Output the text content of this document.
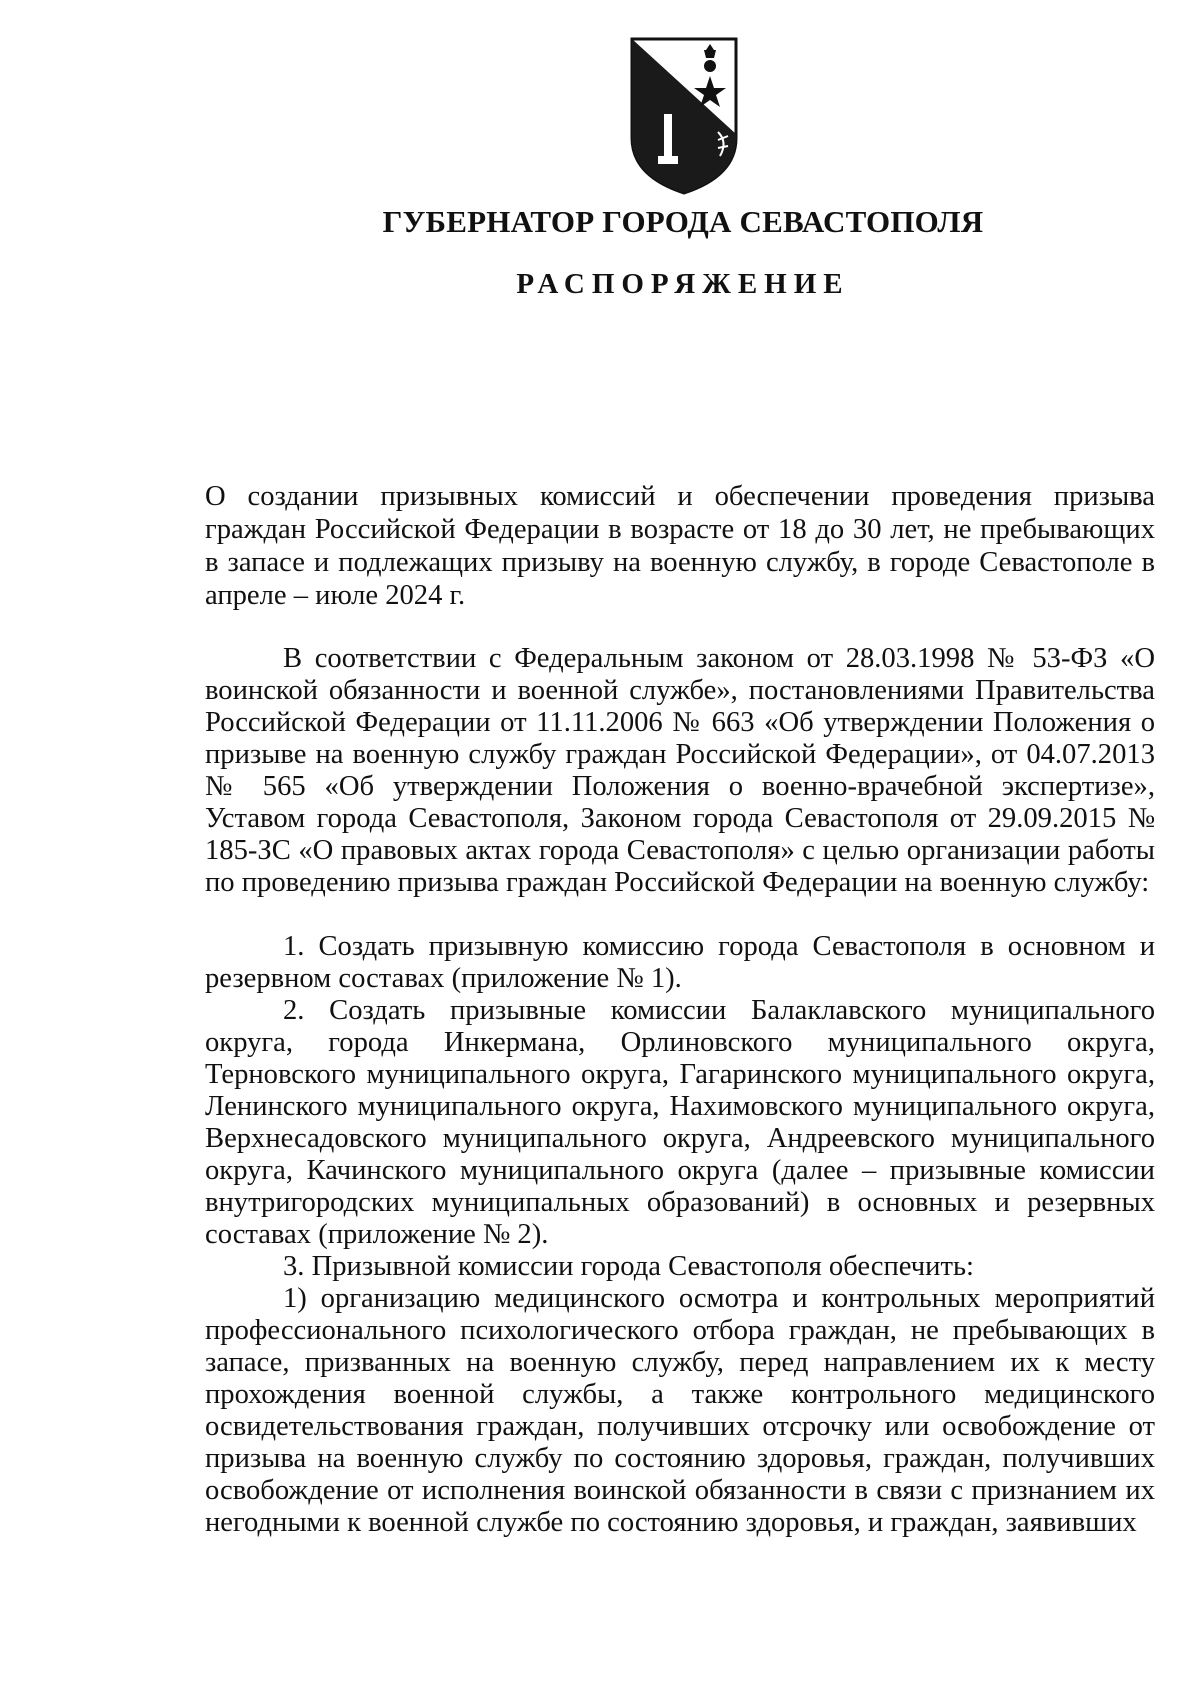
ГУБЕРНАТОР ГОРОДА СЕВАСТОПОЛЯ
РАСПОРЯЖЕНИЕ
О создании призывных комиссий и обеспечении проведения призыва граждан Российской Федерации в возрасте от 18 до 30 лет, не пребывающих в запасе и подлежащих призыву на военную службу, в городе Севастополе в апреле – июле 2024 г.

В соответствии с Федеральным законом от 28.03.1998 № 53-ФЗ «О воинской обязанности и военной службе», постановлениями Правительства Российской Федерации от 11.11.2006 № 663 «Об утверждении Положения о призыве на военную службу граждан Российской Федерации», от 04.07.2013 № 565 «Об утверждении Положения о военно-врачебной экспертизе», Уставом города Севастополя, Законом города Севастополя от 29.09.2015 № 185-ЗС «О правовых актах города Севастополя» с целью организации работы по проведению призыва граждан Российской Федерации на военную службу:

1. Создать призывную комиссию города Севастополя в основном и резервном составах (приложение № 1).

2. Создать призывные комиссии Балаклавского муниципального округа, города Инкермана, Орлиновского муниципального округа, Терновского муниципального округа, Гагаринского муниципального округа, Ленинского муниципального округа, Нахимовского муниципального округа, Верхнесадовского муниципального округа, Андреевского муниципального округа, Качинского муниципального округа (далее – призывные комиссии внутригородских муниципальных образований) в основных и резервных составах (приложение № 2).

3. Призывной комиссии города Севастополя обеспечить:

1) организацию медицинского осмотра и контрольных мероприятий профессионального психологического отбора граждан, не пребывающих в запасе, призванных на военную службу, перед направлением их к месту прохождения военной службы, а также контрольного медицинского освидетельствования граждан, получивших отсрочку или освобождение от призыва на военную службу по состоянию здоровья, граждан, получивших освобождение от исполнения воинской обязанности в связи с признанием их негодными к военной службе по состоянию здоровья, и граждан, заявивших
